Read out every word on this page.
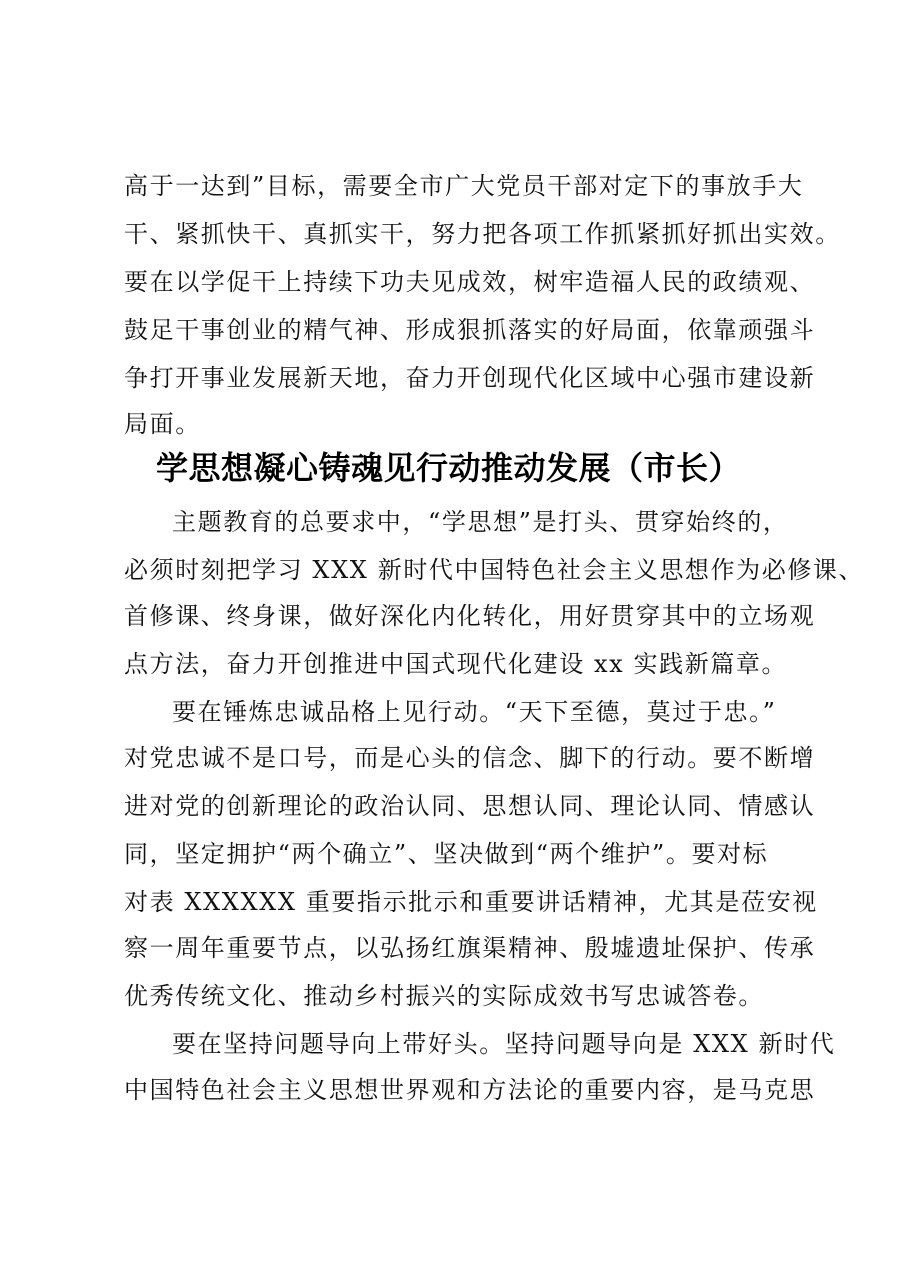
高于一达到”目标，需要全市广大党员干部对定下的事放手大
干、紧抓快干、真抓实干，努力把各项工作抓紧抓好抓出实效。
要在以学促干上持续下功夫见成效，树牢造福人民的政绩观、
鼓足干事创业的精气神、形成狠抓落实的好局面，依靠顽强斗
争打开事业发展新天地，奋力开创现代化区域中心强市建设新
局面。
学思想凝心铸魂见行动推动发展（市长）
主题教育的总要求中，“学思想”是打头、贯穿始终的，
必须时刻把学习 XXX 新时代中国特色社会主义思想作为必修课、
首修课、终身课，做好深化内化转化，用好贯穿其中的立场观
点方法，奋力开创推进中国式现代化建设 xx 实践新篇章。
要在锤炼忠诚品格上见行动。“天下至德，莫过于忠。”
对党忠诚不是口号，而是心头的信念、脚下的行动。要不断增
进对党的创新理论的政治认同、思想认同、理论认同、情感认
同，坚定拥护“两个确立”、坚决做到“两个维护”。要对标
对表 XXXXXX 重要指示批示和重要讲话精神，尤其是莅安视
察一周年重要节点，以弘扬红旗渠精神、殷墟遗址保护、传承
优秀传统文化、推动乡村振兴的实际成效书写忠诚答卷。
要在坚持问题导向上带好头。坚持问题导向是 XXX 新时代
中国特色社会主义思想世界观和方法论的重要内容，是马克思
